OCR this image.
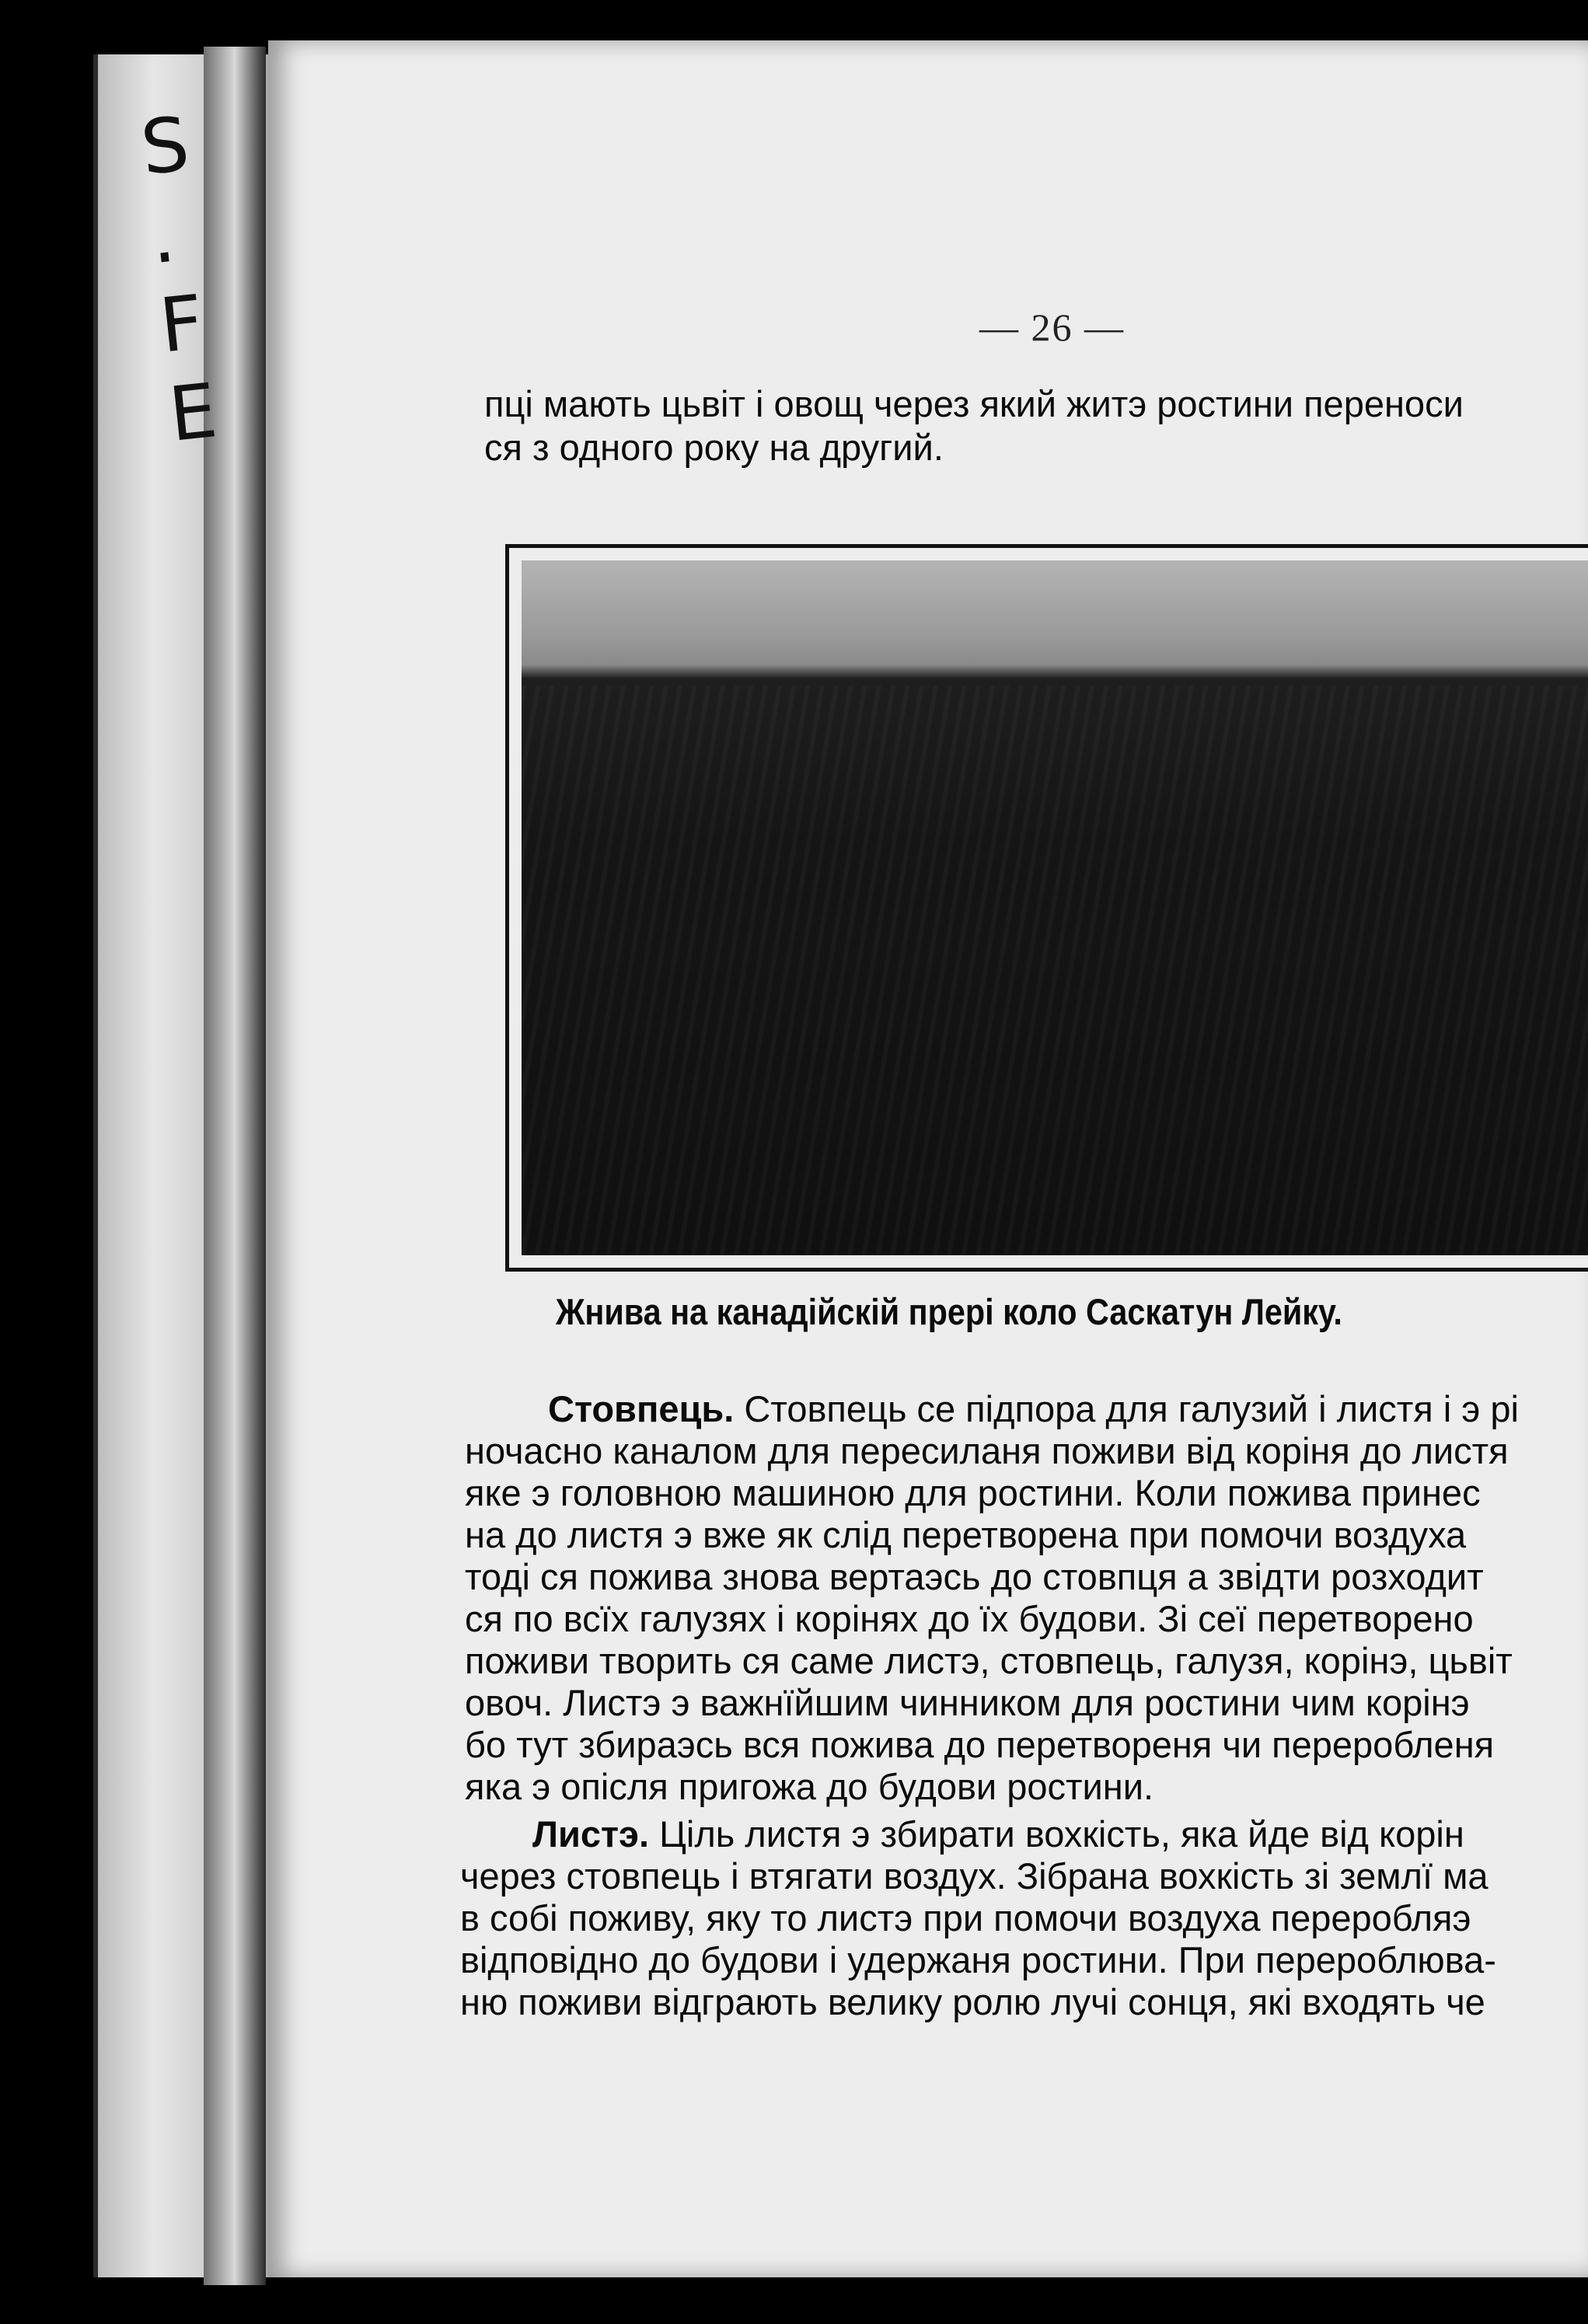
S
.
F
E
— 26 —
пці мають цьвіт і овощ через який житэ ростини переноси
ся з одного року на другий.
Жнива на канадійскій прері коло Саскатун Лейку.
Стовпець. Стовпець се підпора для галузий і листя і э рі
ночасно каналом для пересиланя поживи від коріня до листя
яке э головною машиною для ростини. Коли пожива принес
на до листя э вже як слід перетворена при помочи воздуха
тоді ся пожива знова вертаэсь до стовпця а звідти розходит
ся по всїх галузях і корінях до їх будови. Зі сеї перетворено
поживи творить ся саме листэ, стовпець, галузя, корінэ, цьвіт
овоч. Листэ э важнїйшим чинником для ростини чим корінэ
бо тут збираэсь вся пожива до перетвореня чи переробленя
яка э опісля пригожа до будови ростини.
Листэ. Ціль листя э збирати вохкість, яка йде від корін
через стовпець і втягати воздух. Зібрана вохкість зі землї ма
в собі поживу, яку то листэ при помочи воздуха переробляэ
відповідно до будови і удержаня ростини. При перероблюва-
ню поживи відграють велику ролю лучі сонця, які входять че
